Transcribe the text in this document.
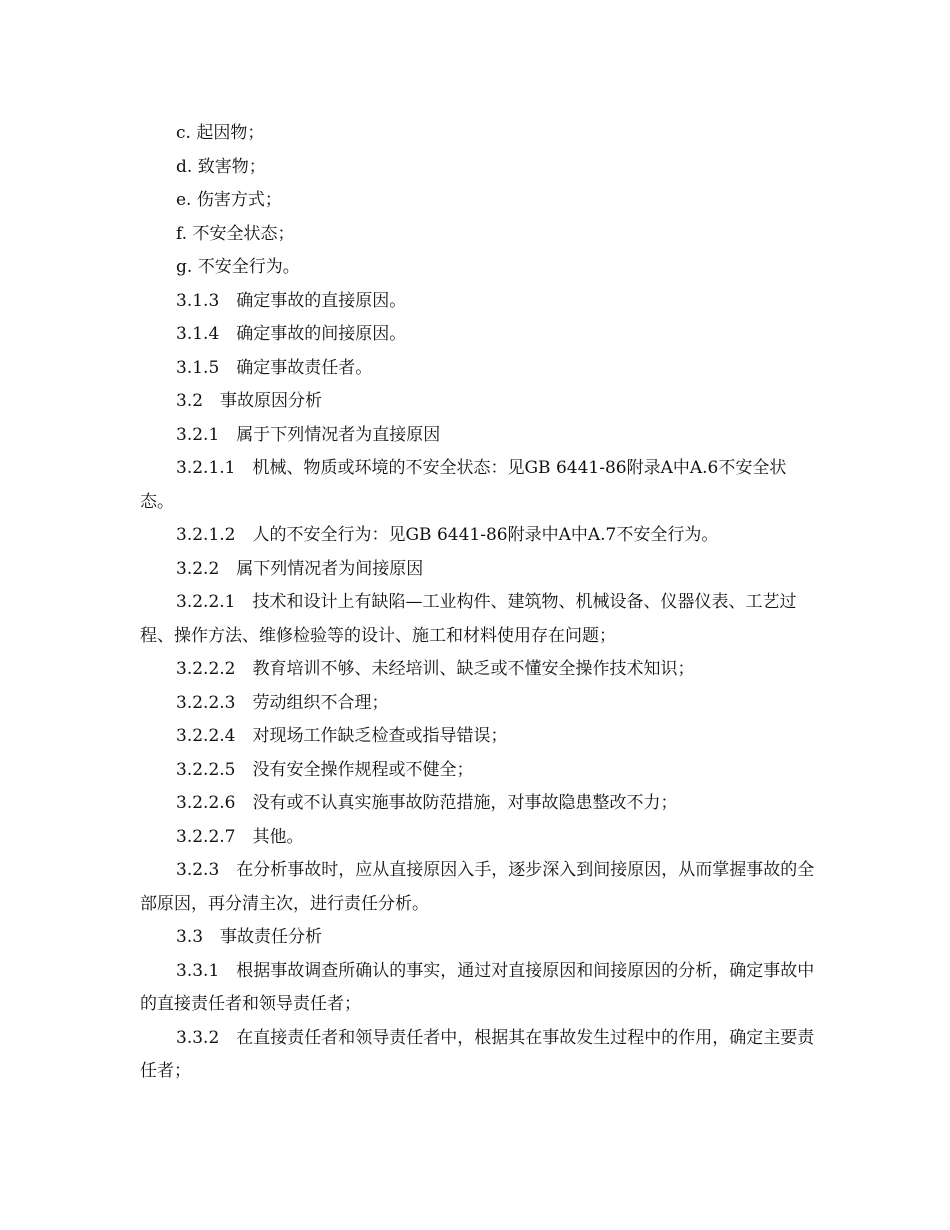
c. 起因物；

d. 致害物；

e. 伤害方式；

f. 不安全状态；

g. 不安全行为。

3.1.3　确定事故的直接原因。

3.1.4　确定事故的间接原因。

3.1.5　确定事故责任者。

3.2　事故原因分析

3.2.1　属于下列情况者为直接原因

3.2.1.1　机械、物质或环境的不安全状态：见GB 6441-86附录A中A.6不安全状态。

3.2.1.2　人的不安全行为：见GB 6441-86附录中A中A.7不安全行为。

3.2.2　属下列情况者为间接原因

3.2.2.1　技术和设计上有缺陷—工业构件、建筑物、机械设备、仪器仪表、工艺过程、操作方法、维修检验等的设计、施工和材料使用存在问题；

3.2.2.2　教育培训不够、未经培训、缺乏或不懂安全操作技术知识；

3.2.2.3　劳动组织不合理；

3.2.2.4　对现场工作缺乏检查或指导错误；

3.2.2.5　没有安全操作规程或不健全；

3.2.2.6　没有或不认真实施事故防范措施，对事故隐患整改不力；

3.2.2.7　其他。

3.2.3　在分析事故时，应从直接原因入手，逐步深入到间接原因，从而掌握事故的全部原因，再分清主次，进行责任分析。

3.3　事故责任分析

3.3.1　根据事故调查所确认的事实，通过对直接原因和间接原因的分析，确定事故中的直接责任者和领导责任者；

3.3.2　在直接责任者和领导责任者中，根据其在事故发生过程中的作用，确定主要责任者；
